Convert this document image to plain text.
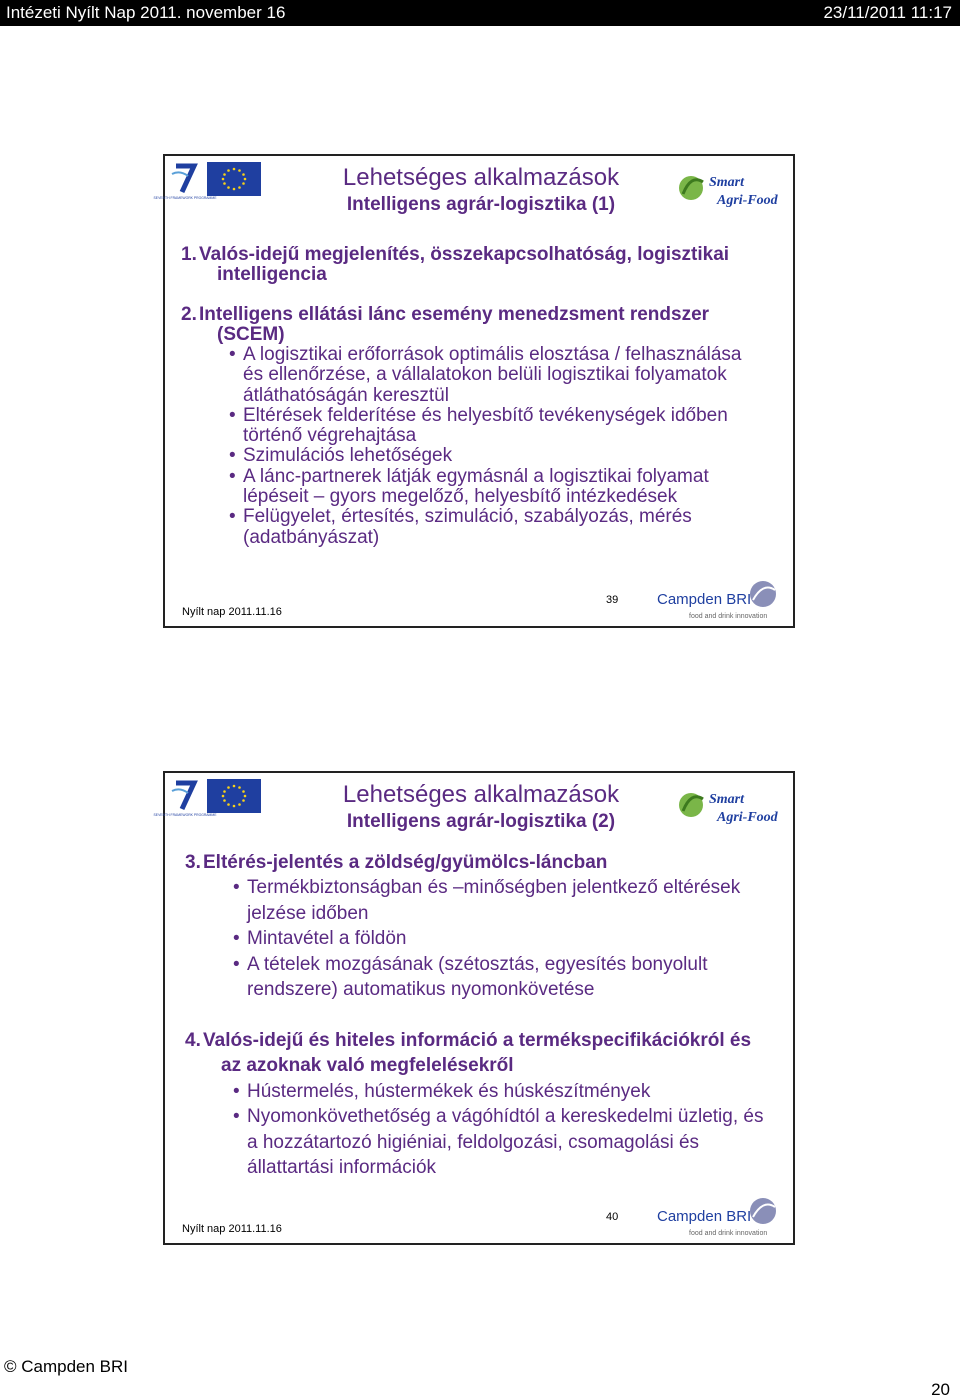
Intézeti Nyílt Nap 2011. november 16	23/11/2011 11:17
SEVENTH FRAMEWORK PROGRAMME
Smart
Agri-Food
Lehetséges alkalmazások
Intelligens agrár-logisztika (1)

1. Valós-idejű megjelenítés, összekapcsolhatóság, logisztikai intelligencia

2. Intelligens ellátási lánc esemény menedzsment rendszer (SCEM)

• A logisztikai erőforrások optimális elosztása / felhasználása és ellenőrzése, a vállalatokon belüli logisztikai folyamatok átláthatóságán keresztül
• Eltérések felderítése és helyesbítő tevékenységek időben történő végrehajtása
• Szimulációs lehetőségek
• A lánc-partnerek látják egymásnál a logisztikai folyamat lépéseit – gyors megelőző, helyesbítő intézkedések
• Felügyelet, értesítés, szimuláció, szabályozás, mérés (adatbányászat)
Nyílt nap 2011.11.16
39	Campden BRI
food and drink innovation
SEVENTH FRAMEWORK PROGRAMME
Smart
Agri-Food
Lehetséges alkalmazások
Intelligens agrár-logisztika (2)

3. Eltérés-jelentés a zöldség/gyümölcs-láncban

• Termékbiztonságban és –minőségben jelentkező eltérések jelzése időben
• Mintavétel a földön
• A tételek mozgásának (szétosztás, egyesítés bonyolult rendszere) automatikus nyomonkövetése

4. Valós-idejű és hiteles információ a termékspecifikációkról és az azoknak való megfelelésekről

• Hústermelés, hústermékek és húskészítmények
• Nyomonkövethetőség a vágóhídtól a kereskedelmi üzletig, és a hozzátartozó higiéniai, feldolgozási, csomagolási és állattartási információk
Nyílt nap 2011.11.16
40	Campden BRI
food and drink innovation
© Campden BRI
20
